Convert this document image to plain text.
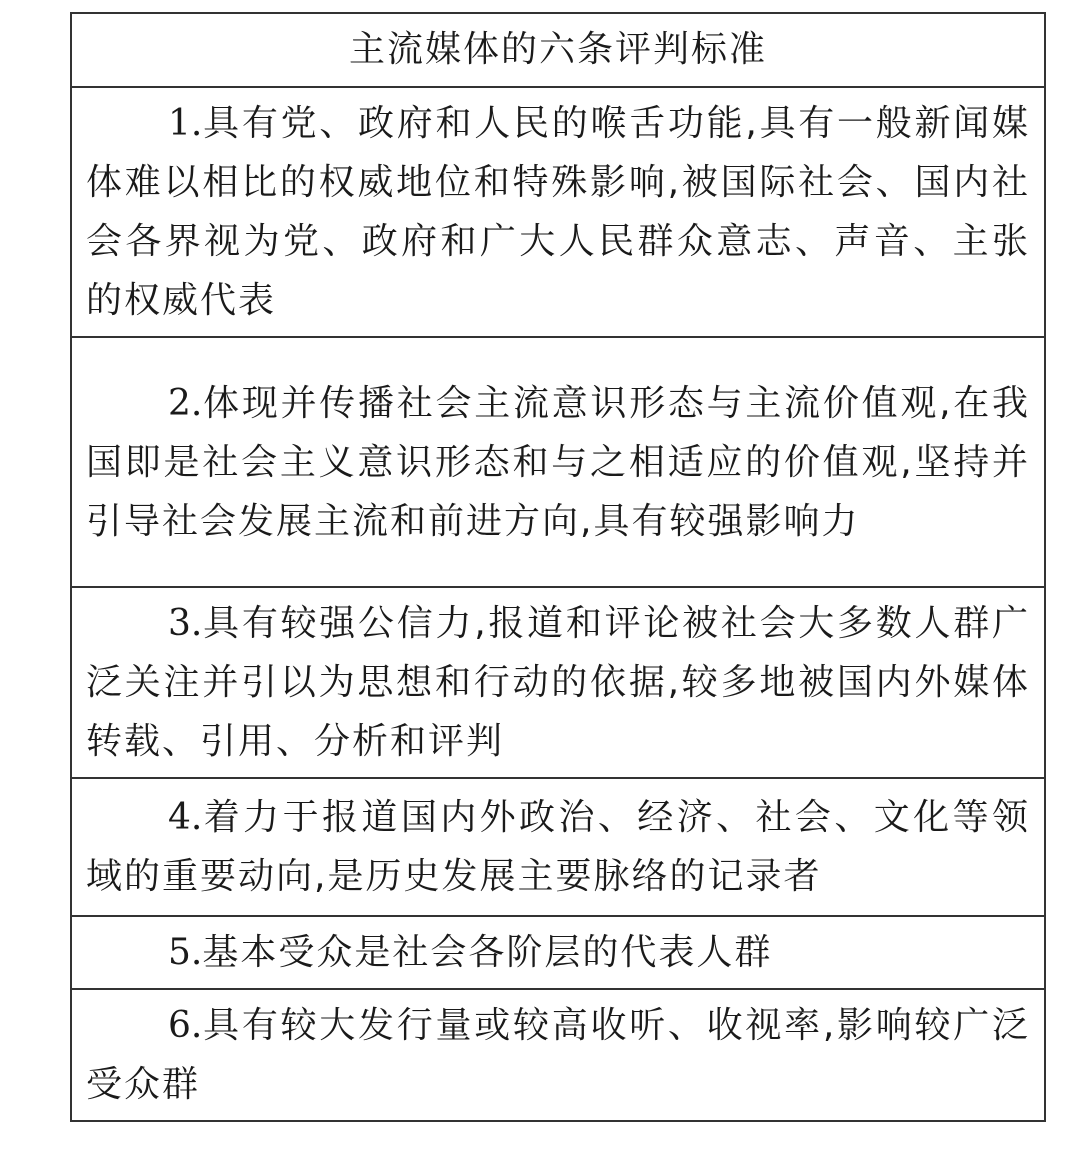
主流媒体的六条评判标准
1.具有党、政府和人民的喉舌功能,具有一般新闻媒体难以相比的权威地位和特殊影响,被国际社会、国内社会各界视为党、政府和广大人民群众意志、声音、主张的权威代表
2.体现并传播社会主流意识形态与主流价值观,在我国即是社会主义意识形态和与之相适应的价值观,坚持并引导社会发展主流和前进方向,具有较强影响力
3.具有较强公信力,报道和评论被社会大多数人群广泛关注并引以为思想和行动的依据,较多地被国内外媒体转载、引用、分析和评判
4.着力于报道国内外政治、经济、社会、文化等领域的重要动向,是历史发展主要脉络的记录者
5.基本受众是社会各阶层的代表人群
6.具有较大发行量或较高收听、收视率,影响较广泛受众群
